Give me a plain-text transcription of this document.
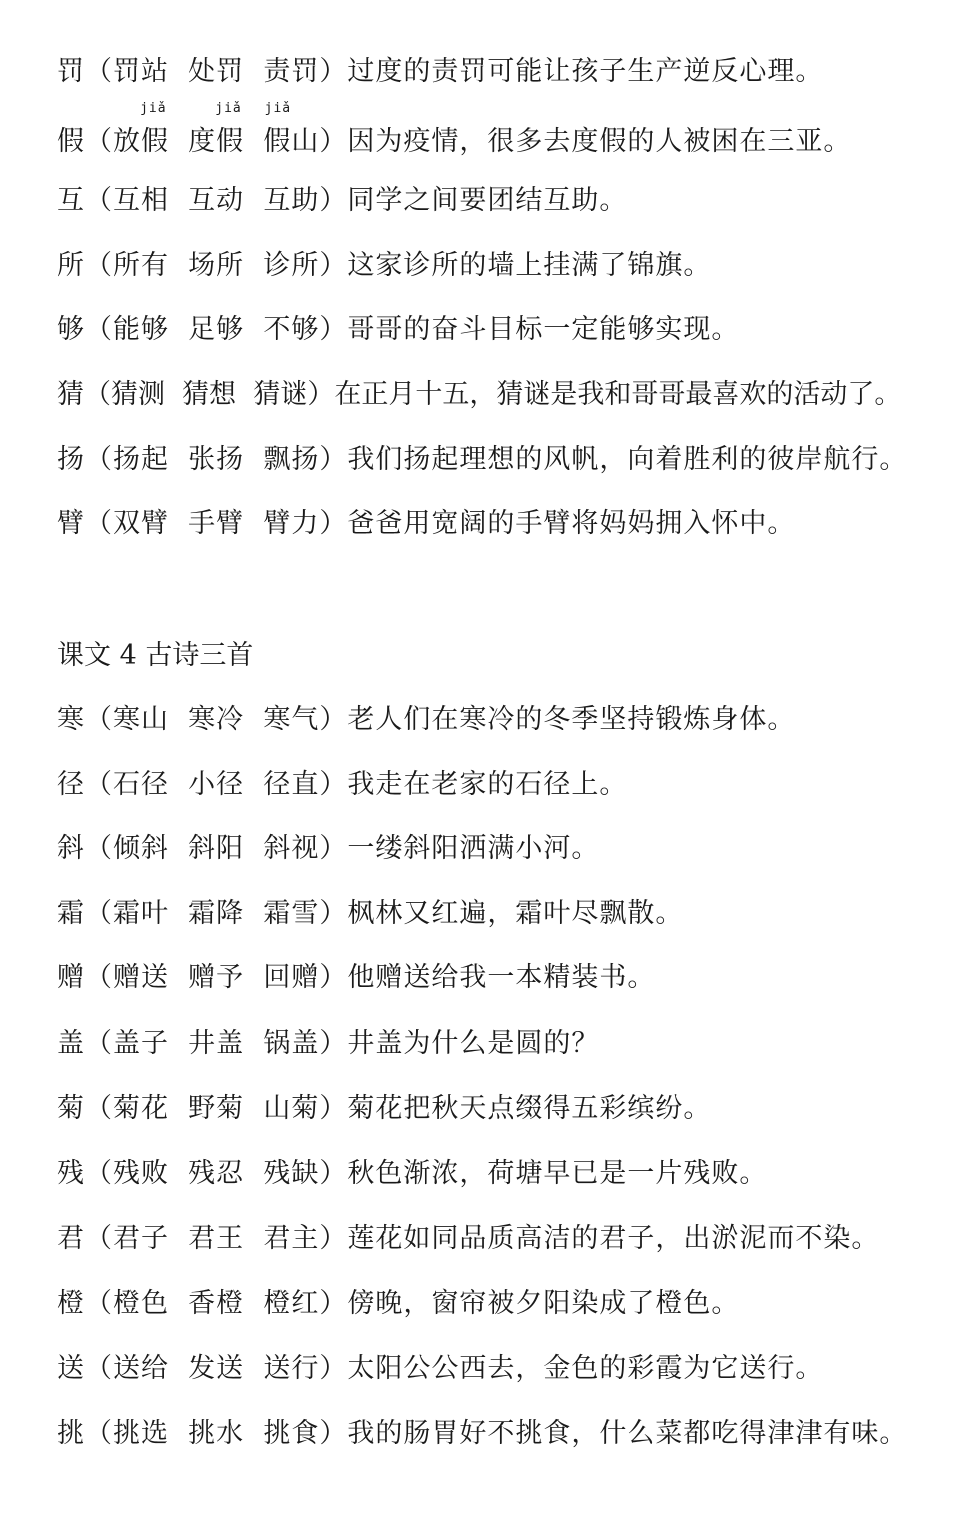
罚（罚站 处罚 责罚）过度的责罚可能让孩子生产逆反心理。
假（
jiǎ
放假
jiǎ
度假
jiǎ
假山）因为疫情，很多去度假的人被困在三亚。
互（互相 互动 互助）同学之间要团结互助。
所（所有 场所 诊所）这家诊所的墙上挂满了锦旗。
够（能够 足够 不够）哥哥的奋斗目标一定能够实现。
猜（猜测 猜想 猜谜）在正月十五，猜谜是我和哥哥最喜欢的活动了。
扬（扬起 张扬 飘扬）我们扬起理想的风帆，向着胜利的彼岸航行。
臂（双臂 手臂 臂力）爸爸用宽阔的手臂将妈妈拥入怀中。
课文 4 古诗三首
寒（寒山 寒冷 寒气）老人们在寒冷的冬季坚持锻炼身体。
径（石径 小径 径直）我走在老家的石径上。
斜（倾斜 斜阳 斜视）一缕斜阳洒满小河。
霜（霜叶 霜降 霜雪）枫林又红遍，霜叶尽飘散。
赠（赠送 赠予 回赠）他赠送给我一本精装书。
盖（盖子 井盖 锅盖）井盖为什么是圆的？
菊（菊花 野菊 山菊）菊花把秋天点缀得五彩缤纷。
残（残败 残忍 残缺）秋色渐浓，荷塘早已是一片残败。
君（君子 君王 君主）莲花如同品质高洁的君子，出淤泥而不染。
橙（橙色 香橙 橙红）傍晚，窗帘被夕阳染成了橙色。
送（送给 发送 送行）太阳公公西去，金色的彩霞为它送行。
挑（挑选 挑水 挑食）我的肠胃好不挑食，什么菜都吃得津津有味。
